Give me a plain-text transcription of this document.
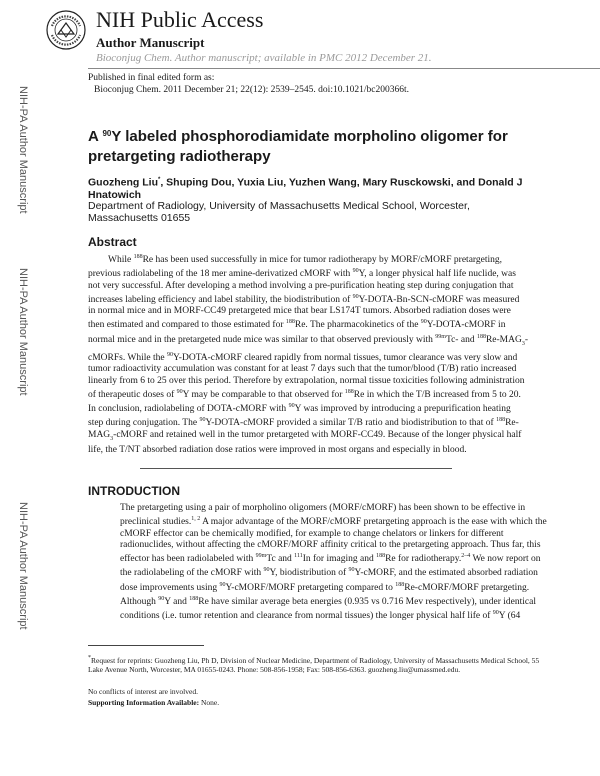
NIH Public Access
Author Manuscript
Bioconjug Chem. Author manuscript; available in PMC 2012 December 21.
Published in final edited form as:
Bioconjug Chem. 2011 December 21; 22(12): 2539–2545. doi:10.1021/bc200366t.
NIH-PA Author Manuscript
NIH-PA Author Manuscript
NIH-PA Author Manuscript
A $^{90}$Y labeled phosphorodiamidate morpholino oligomer for pretargeting radiotherapy
Guozheng Liu*, Shuping Dou, Yuxia Liu, Yuzhen Wang, Mary Rusckowski, and Donald J Hnatowich
Department of Radiology, University of Massachusetts Medical School, Worcester, Massachusetts 01655
Abstract

While $^{188}$Re has been used successfully in mice for tumor radiotherapy by MORF/cMORF pretargeting, previous radiolabeling of the 18 mer amine-derivatized cMORF with $^{90}$Y, a longer physical half life nuclide, was not very successful. After developing a method involving a pre-purification heating step during conjugation that increases labeling efficiency and label stability, the biodistribution of $^{90}$Y-DOTA-Bn-SCN-cMORF was measured in normal mice and in MORF-CC49 pretargeted mice that bear LS174T tumors. Absorbed radiation doses were then estimated and compared to those estimated for $^{188}$Re. The pharmacokinetics of the $^{90}$Y-DOTA-cMORF in normal mice and in the pretargeted nude mice was similar to that observed previously with $^{99m}$Tc- and $^{188}Re-MAG_3$-cMORFs. While the $^{90}$Y-DOTA-cMORF cleared rapidly from normal tissues, tumor clearance was very slow and tumor radioactivity accumulation was constant for at least 7 days such that the tumor/blood (T/B) ratio increased linearly from 6 to 25 over this period. Therefore by extrapolation, normal tissue toxicities following administration of therapeutic doses of $^{90}$Y may be comparable to that observed for $^{188}$Re in which the T/B increased from 5 to 20. In conclusion, radiolabeling of DOTA-cMORF with $^{90}$Y was improved by introducing a prepurification heating step during conjugation. The $^{90}$Y-DOTA-cMORF provided a similar T/B ratio and biodistribution to that of $^{188}Re-MAG_3$-cMORF and retained well in the tumor pretargeted with MORF-CC49. Because of the longer physical half life, the T/NT absorbed radiation dose ratios were improved in most organs and especially in blood.

INTRODUCTION

The pretargeting using a pair of morpholino oligomers (MORF/cMORF) has been shown to be effective in preclinical studies.$^{1, 2}$ A major advantage of the MORF/cMORF pretargeting approach is the ease with which the cMORF effector can be chemically modified, for example to change chelators or linkers for different radionuclides, without affecting the cMORF/MORF affinity critical to the pretargeting approach. Thus far, this effector has been radiolabeled with $^{99m}$Tc and $^{111}$In for imaging and $^{188}$Re for radiotherapy.$^{2-4}$ We now report on the radiolabeling of the cMORF with $^{90}$Y, biodistribution of $^{90}$Y-cMORF, and the estimated absorbed radiation dose improvements using $^{90}$Y-cMORF/MORF pretargeting compared to $^{188}$Re-cMORF/MORF pretargeting. Although $^{90}$Y and $^{188}$Re have similar average beta energies (0.935 vs 0.716 Mev respectively), under identical conditions (i.e. tumor retention and clearance from normal tissues) the longer physical half life of $^{90}$Y (64

*Request for reprints: Guozheng Liu, Ph D, Division of Nuclear Medicine, Department of Radiology, University of Massachusetts Medical School, 55 Lake Avenue North, Worcester, MA 01655-0243. Phone: 508-856-1958; Fax: 508-856-6363. guozheng.liu@umassmed.edu.

No conflicts of interest are involved.

Supporting Information Available: None.
